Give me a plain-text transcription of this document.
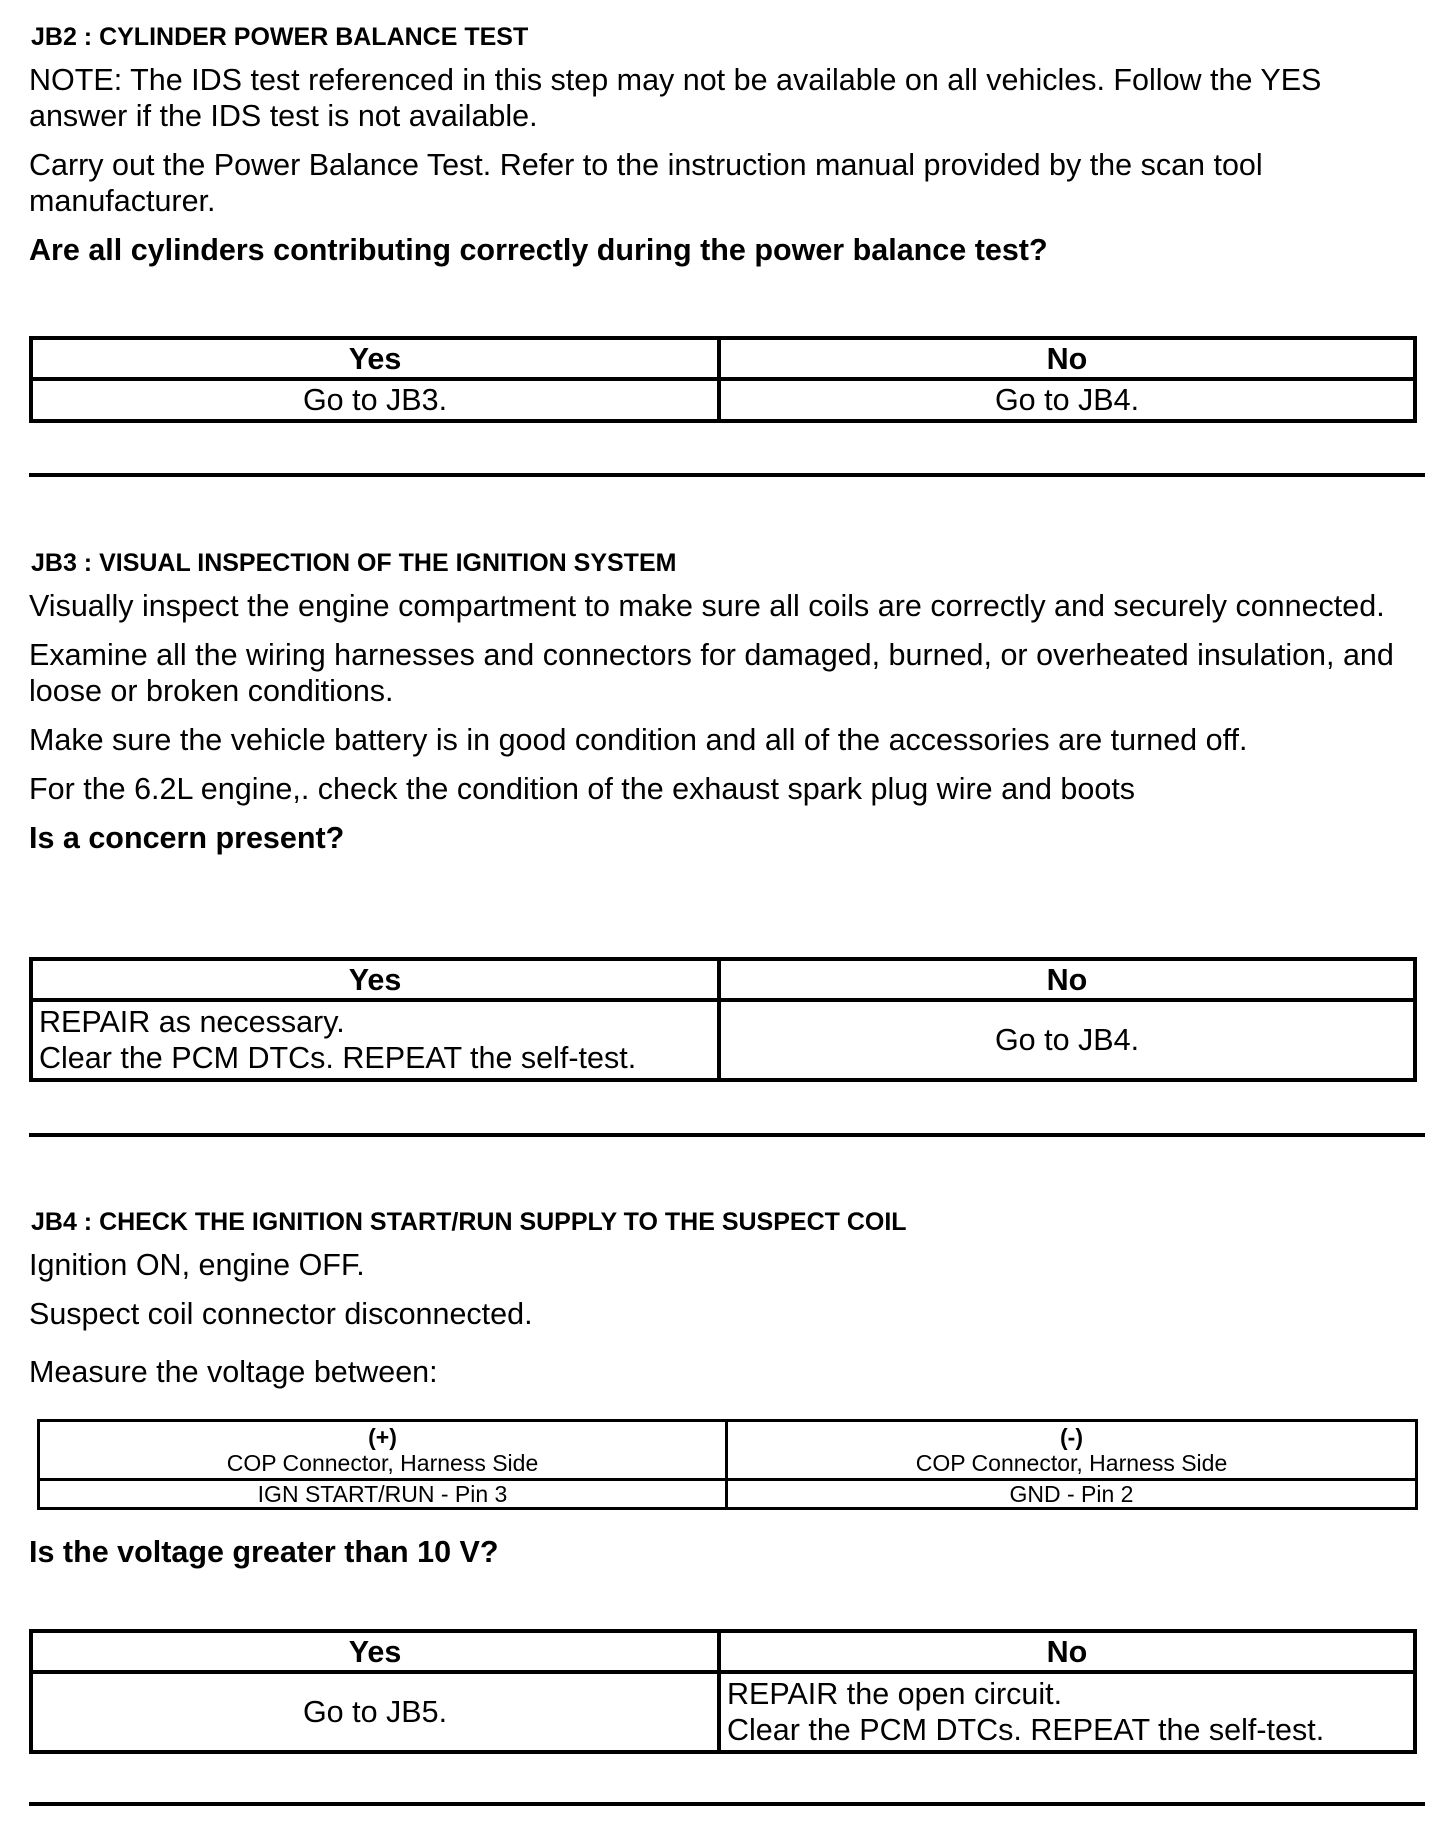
JB2 : CYLINDER POWER BALANCE TEST

NOTE: The IDS test referenced in this step may not be available on all vehicles. Follow the YES answer if the IDS test is not available.

Carry out the Power Balance Test. Refer to the instruction manual provided by the scan tool manufacturer.

Are all cylinders contributing correctly during the power balance test?

Yes	No
Go to JB3.	Go to JB4.
JB3 : VISUAL INSPECTION OF THE IGNITION SYSTEM

Visually inspect the engine compartment to make sure all coils are correctly and securely connected.

Examine all the wiring harnesses and connectors for damaged, burned, or overheated insulation, and loose or broken conditions.

Make sure the vehicle battery is in good condition and all of the accessories are turned off.

For the 6.2L engine,. check the condition of the exhaust spark plug wire and boots

Is a concern present?

Yes	No

REPAIR as necessary.
Clear the PCM DTCs. REPEAT the self-test.	Go to JB4.
JB4 : CHECK THE IGNITION START/RUN SUPPLY TO THE SUSPECT COIL

Ignition ON, engine OFF.

Suspect coil connector disconnected.

Measure the voltage between:

(+)
COP Connector, Harness Side	(-)
COP Connector, Harness Side
IGN START/RUN - Pin 3	GND - Pin 2

Is the voltage greater than 10 V?

Yes	No
Go to JB5.	REPAIR the open circuit.
Clear the PCM DTCs. REPEAT the self-test.
